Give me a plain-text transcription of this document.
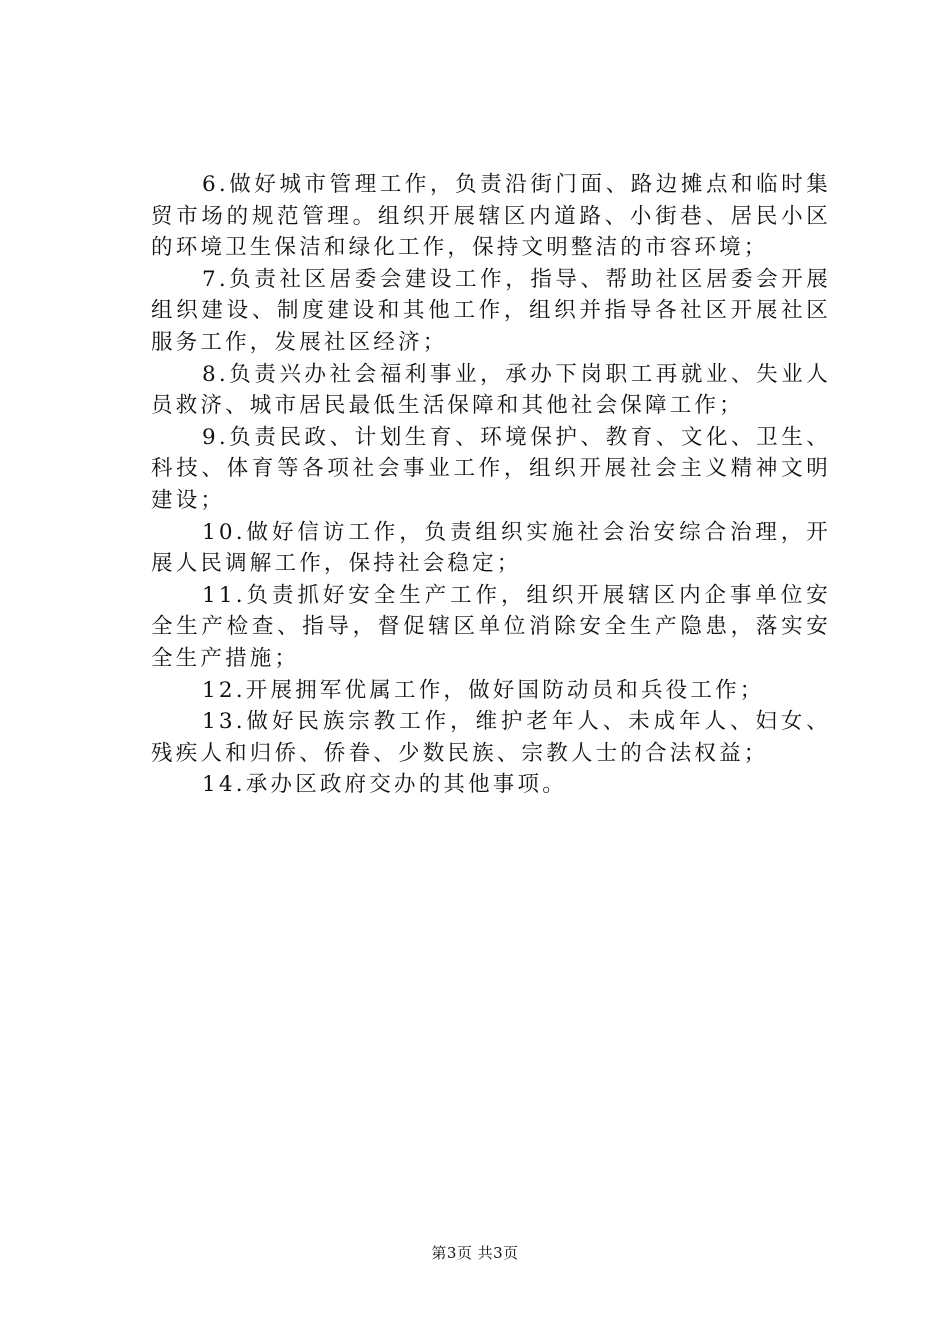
6.做好城市管理工作，负责沿街门面、路边摊点和临时集贸市场的规范管理。组织开展辖区内道路、小街巷、居民小区的环境卫生保洁和绿化工作，保持文明整洁的市容环境；

7.负责社区居委会建设工作，指导、帮助社区居委会开展组织建设、制度建设和其他工作，组织并指导各社区开展社区服务工作，发展社区经济；

8.负责兴办社会福利事业，承办下岗职工再就业、失业人员救济、城市居民最低生活保障和其他社会保障工作；

9.负责民政、计划生育、环境保护、教育、文化、卫生、科技、体育等各项社会事业工作，组织开展社会主义精神文明建设；

10.做好信访工作，负责组织实施社会治安综合治理，开展人民调解工作，保持社会稳定；

11.负责抓好安全生产工作，组织开展辖区内企事单位安全生产检查、指导，督促辖区单位消除安全生产隐患，落实安全生产措施；

12.开展拥军优属工作，做好国防动员和兵役工作；

13.做好民族宗教工作，维护老年人、未成年人、妇女、残疾人和归侨、侨眷、少数民族、宗教人士的合法权益；

14.承办区政府交办的其他事项。

第3页 共3页
